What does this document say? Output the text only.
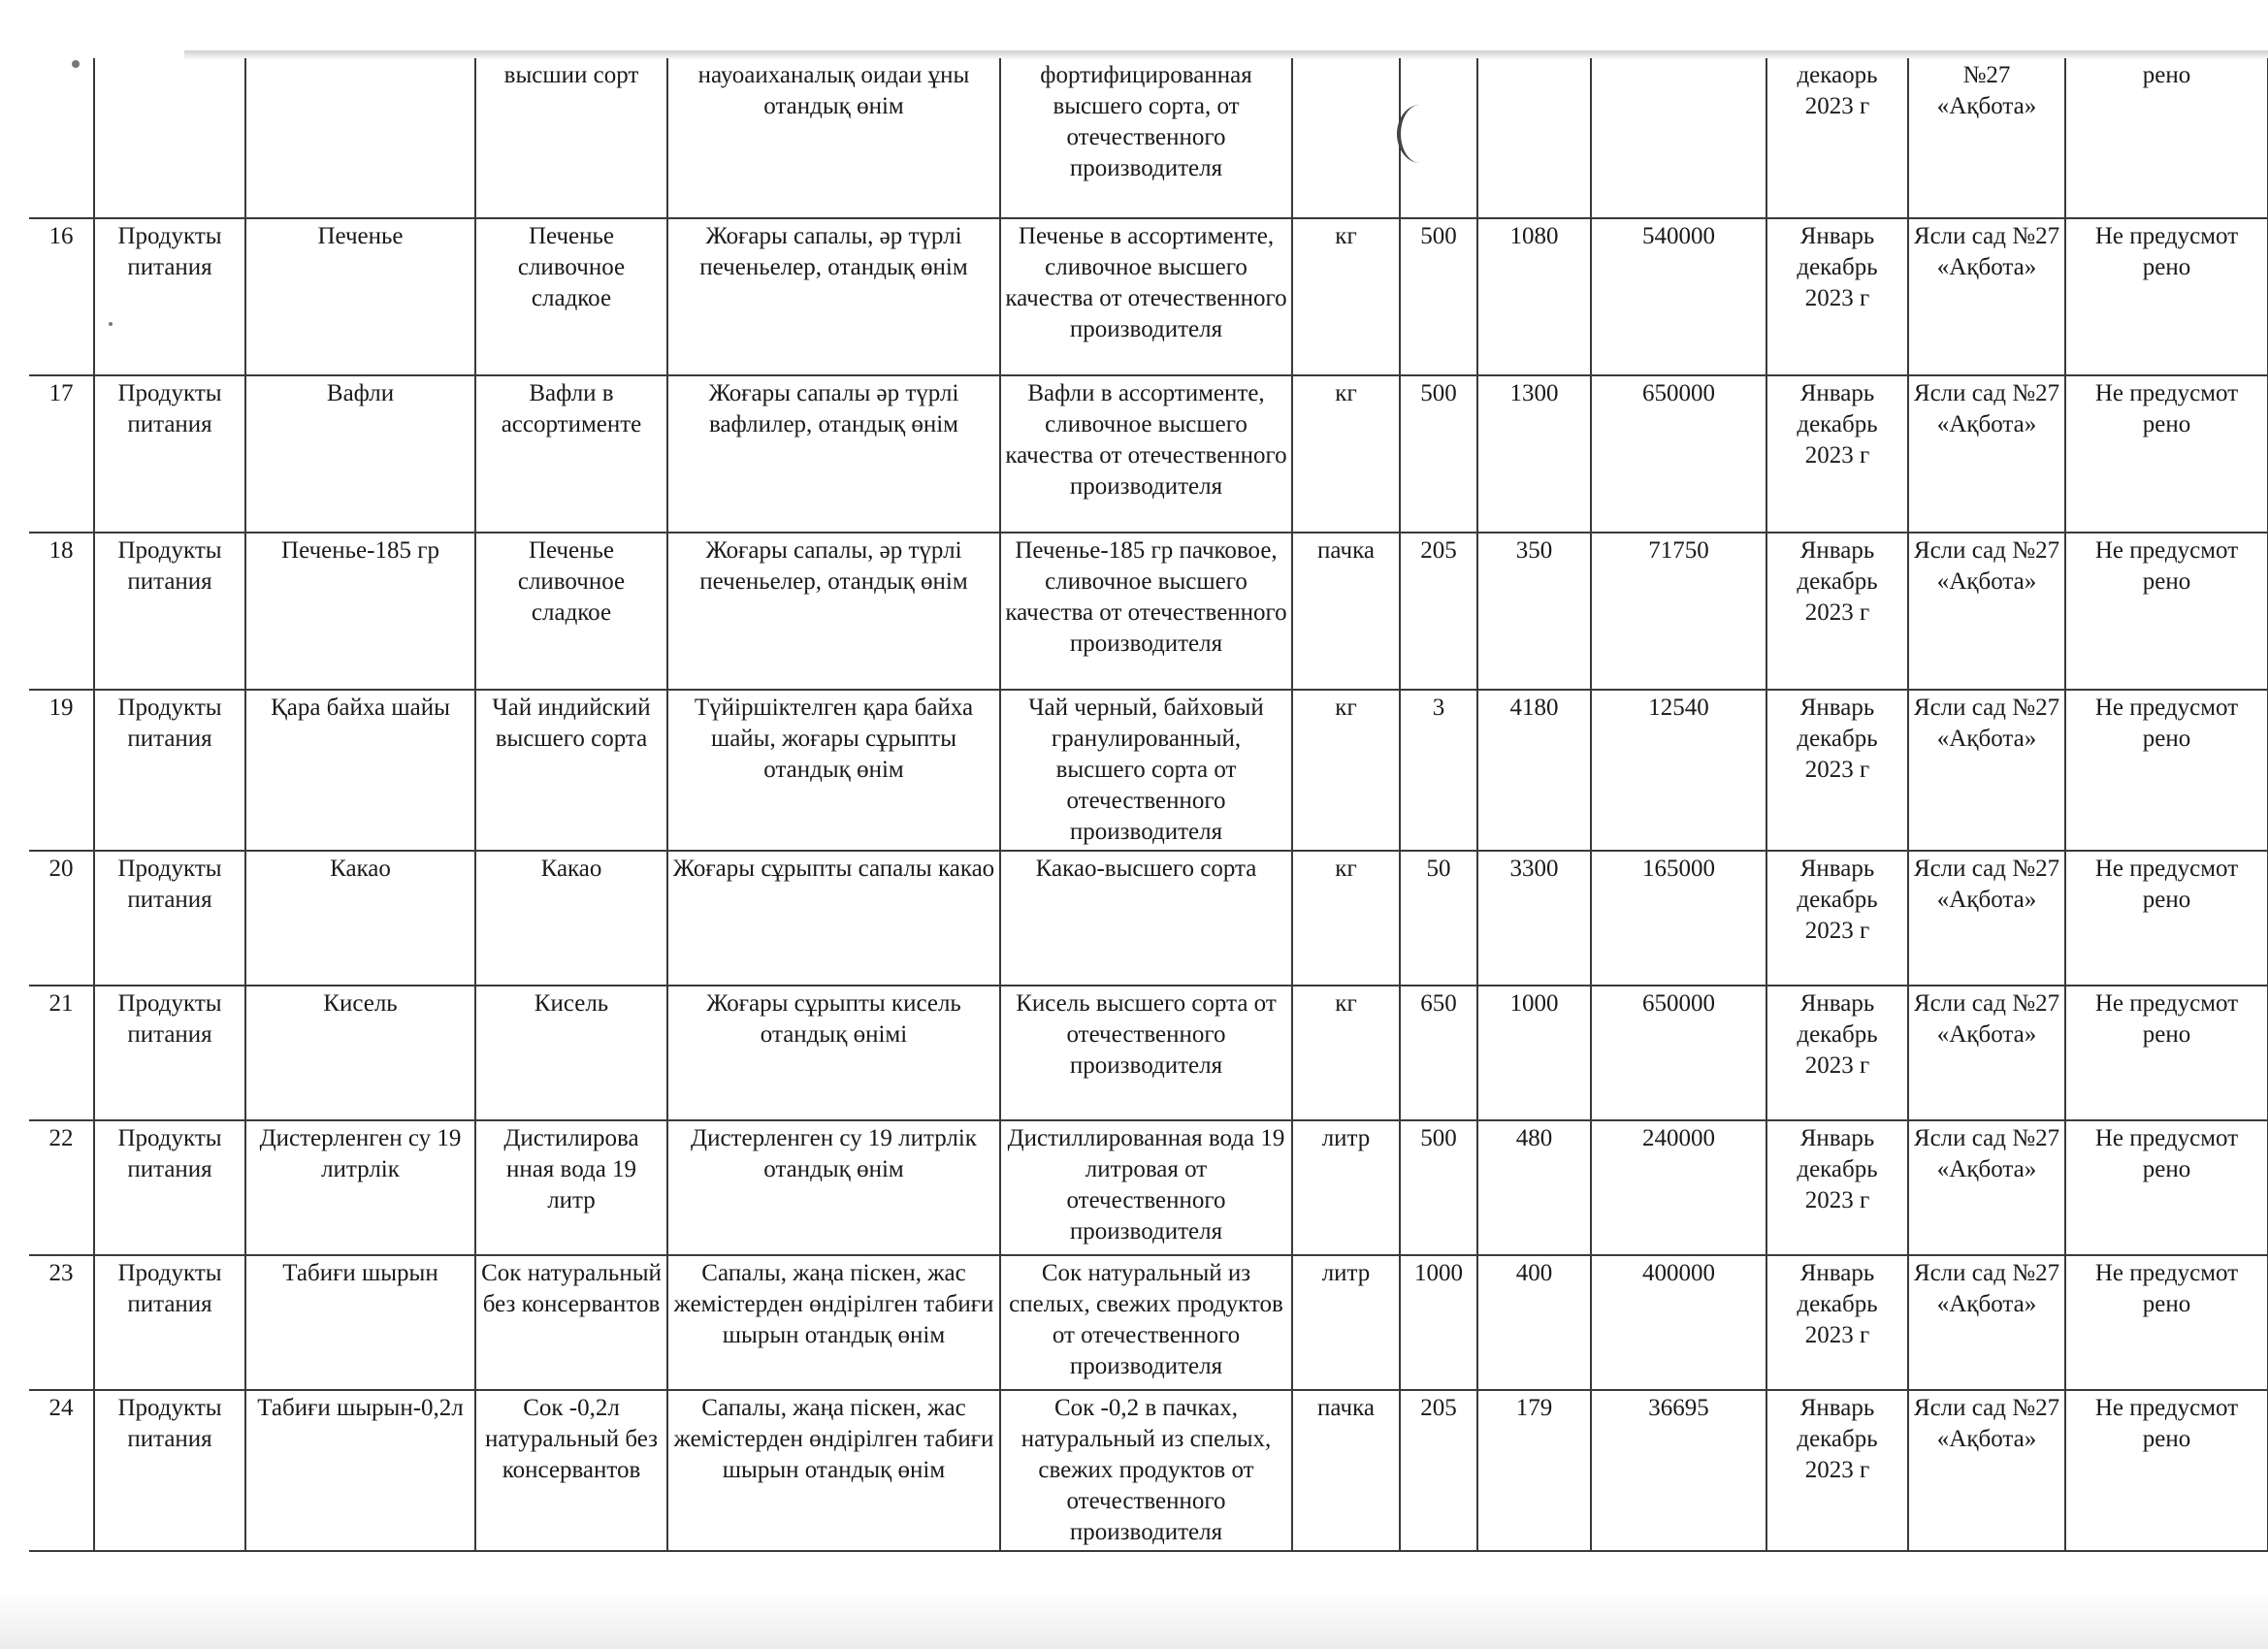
			высшии сорт	науоаиханалық оидаи ұны отандық өнім	фортифицированная высшего сорта, от отечественного производителя					декаорь 2023 г	№27 «Ақбота»	рено
16	Продукты питания	Печенье	Печенье сливочное сладкое	Жоғары сапалы, әр түрлі печеньелер, отандық өнім	Печенье в ассортименте, сливочное высшего качества от отечественного производителя	кг	500	1080	540000	Январь декабрь 2023 г	Ясли сад №27 «Ақбота»	Не предусмот рено
17	Продукты питания	Вафли	Вафли в ассортименте	Жоғары сапалы әр түрлі вафлилер, отандық өнім	Вафли в ассортименте, сливочное высшего качества от отечественного производителя	кг	500	1300	650000	Январь декабрь 2023 г	Ясли сад №27 «Ақбота»	Не предусмот рено
18	Продукты питания	Печенье-185 гр	Печенье сливочное сладкое	Жоғары сапалы, әр түрлі печеньелер, отандық өнім	Печенье-185 гр пачковое, сливочное высшего качества от отечественного производителя	пачка	205	350	71750	Январь декабрь 2023 г	Ясли сад №27 «Ақбота»	Не предусмот рено
19	Продукты питания	Қара байха шайы	Чай индийский высшего сорта	Түйіршіктелген қара байха шайы, жоғары сұрыпты отандық өнім	Чай черный, байховый гранулированный, высшего сорта от отечественного производителя	кг	3	4180	12540	Январь декабрь 2023 г	Ясли сад №27 «Ақбота»	Не предусмот рено
20	Продукты питания	Какао	Какао	Жоғары сұрыпты сапалы какао	Какао-высшего сорта	кг	50	3300	165000	Январь декабрь 2023 г	Ясли сад №27 «Ақбота»	Не предусмот рено
21	Продукты питания	Кисель	Кисель	Жоғары сұрыпты кисель отандық өнімі	Кисель высшего сорта от отечественного производителя	кг	650	1000	650000	Январь декабрь 2023 г	Ясли сад №27 «Ақбота»	Не предусмот рено
22	Продукты питания	Дистерленген су 19 литрлік	Дистилирова нная вода 19 литр	Дистерленген су 19 литрлік отандық өнім	Дистиллированная вода 19 литровая от отечественного производителя	литр	500	480	240000	Январь декабрь 2023 г	Ясли сад №27 «Ақбота»	Не предусмот рено
23	Продукты питания	Табиғи шырын	Сок натуральный без консервантов	Сапалы, жаңа піскен, жас жемістерден өндірілген табиғи шырын отандық өнім	Сок натуральный из спелых, свежих продуктов от отечественного производителя	литр	1000	400	400000	Январь декабрь 2023 г	Ясли сад №27 «Ақбота»	Не предусмот рено
24	Продукты питания	Табиғи шырын-0,2л	Сок -0,2л натуральный без консервантов	Сапалы, жаңа піскен, жас жемістерден өндірілген табиғи шырын отандық өнім	Сок -0,2 в пачках, натуральный из спелых, свежих продуктов от отечественного производителя	пачка	205	179	36695	Январь декабрь 2023 г	Ясли сад №27 «Ақбота»	Не предусмот рено
